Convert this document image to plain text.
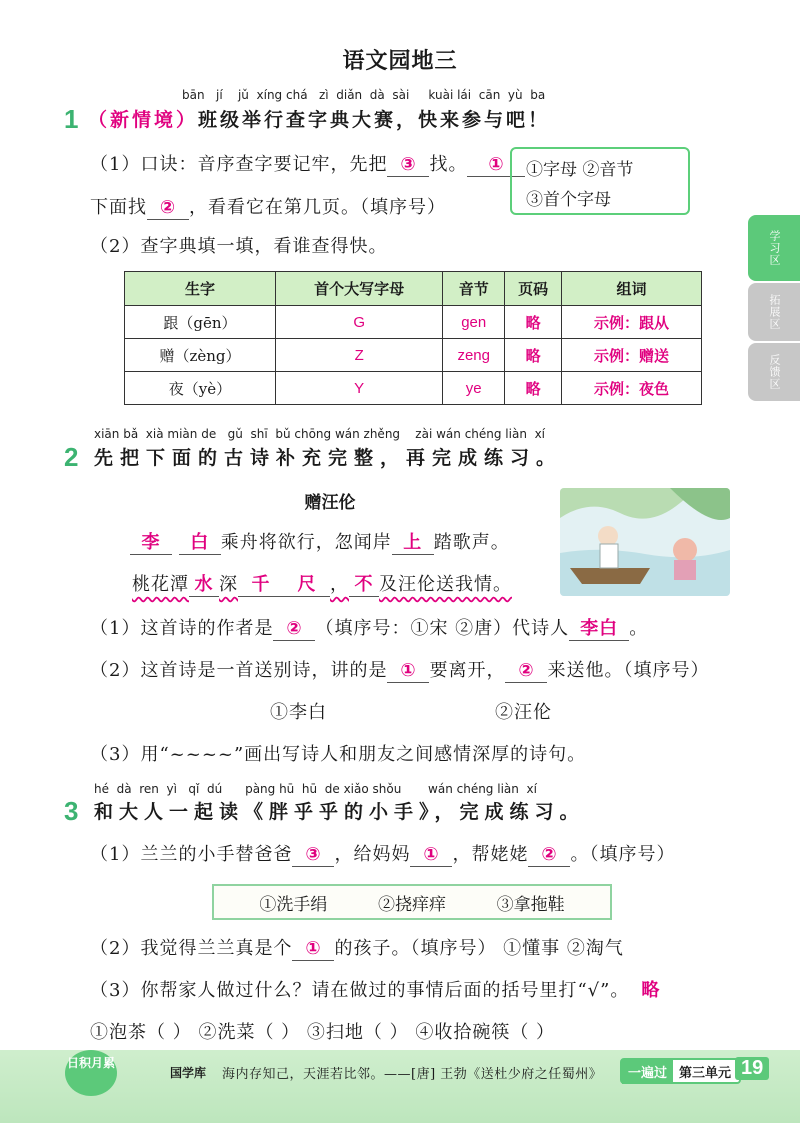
语文园地三
学习区
拓展区
反馈区
1
bān   jí    jǔ  xíng chá   zì  diǎn  dà  sài     kuài lái  cān  yù  ba
（新情境）班级举行查字典大赛，快来参与吧！
（1）口诀：音序查字要记牢，先把 ③ 找。 ①
下面找 ② ，看看它在第几页。（填序号）
①字母 ②音节
③首个字母
（2）查字典填一填，看谁查得快。
生字	首个大写字母	音节	页码	组词
跟（gēn）	G	gen	略	示例：跟从
赠（zèng）	Z	zeng	略	示例：赠送
夜（yè）	Y	ye	略	示例：夜色
2
xiān bǎ  xià miàn de   gǔ  shī  bǔ chōng wán zhěng    zài wán chéng liàn  xí
先把下面的古诗补充完整，再完成练习。
赠汪伦
李 白 乘舟将欲行，忽闻岸 上 踏歌声。
桃花潭 水 深 千 尺 ， 不 及汪伦送我情。
（1）这首诗的作者是 ② （填序号：①宋 ②唐）代诗人 李白 。
（2）这首诗是一首送别诗，讲的是 ① 要离开， ② 来送他。（填序号）
①李白	②汪伦
（3）用“~~~~”画出写诗人和朋友之间感情深厚的诗句。
3
hé  dà  ren  yì   qǐ  dú      pàng hū  hū  de xiǎo shǒu       wán chéng liàn  xí
和大人一起读《胖乎乎的小手》，完成练习。
（1）兰兰的小手替爸爸 ③ ，给妈妈 ① ，帮姥姥 ② 。（填序号）
①洗手绢	②挠痒痒	③拿拖鞋
（2）我觉得兰兰真是个 ① 的孩子。（填序号） ①懂事 ②淘气
（3）你帮家人做过什么？请在做过的事情后面的括号里打“√”。 略
①泡茶（ ） ②洗菜（ ） ③扫地（ ） ④收拾碗筷（ ）
日积月累
国学库 海内存知己，天涯若比邻。——[唐] 王勃《送杜少府之任蜀州》	一遍过 第三单元 19
